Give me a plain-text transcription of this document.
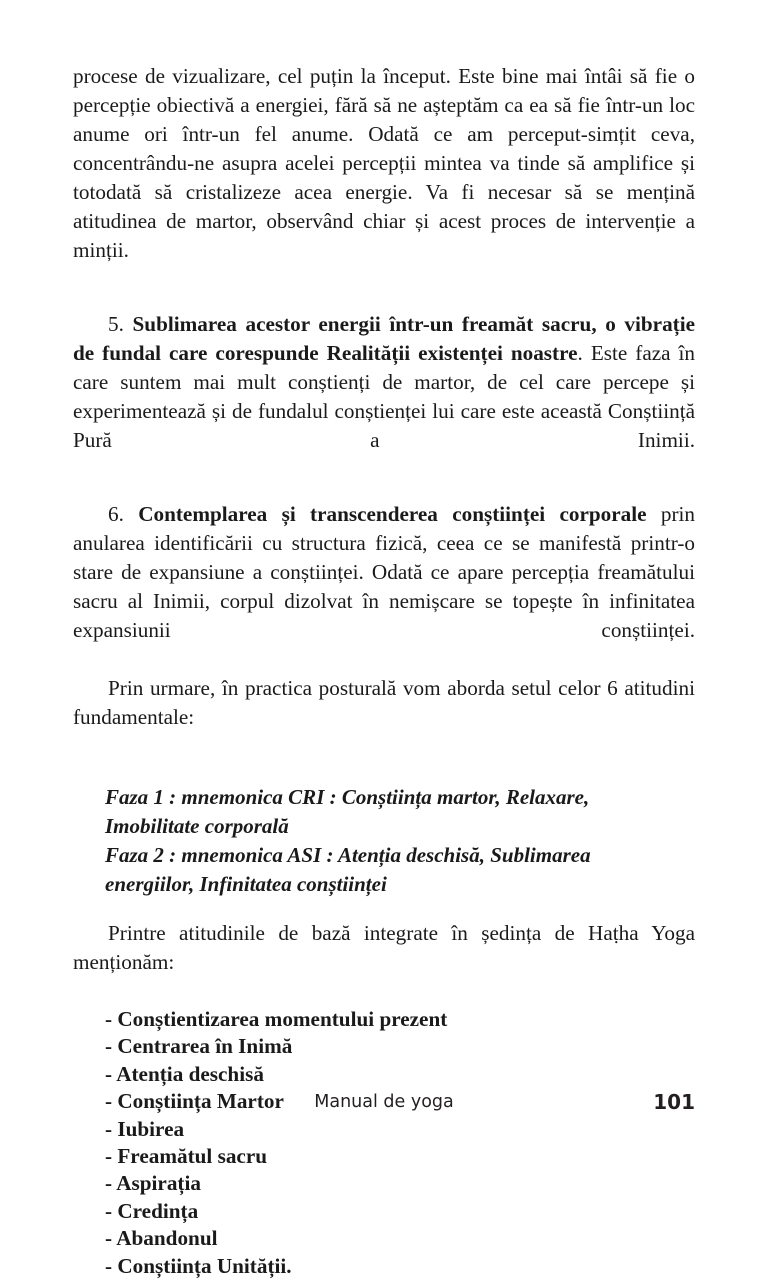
procese de vizualizare, cel puțin la început. Este bine mai întâi să fie o percepție obiectivă a energiei, fără să ne așteptăm ca ea să fie într-un loc anume ori într-un fel anume. Odată ce am perceput-simțit ceva, concentrându-ne asupra acelei percepții mintea va tinde să amplifice și totodată să cristalizeze acea energie. Va fi necesar să se mențină atitudinea de martor, observând chiar și acest proces de intervenție a minții.

5. Sublimarea acestor energii într-un freamăt sacru, o vibrație de fundal care corespunde Realității existenței noastre. Este faza în care suntem mai mult conștienți de martor, de cel care percepe și experimentează și de fundalul conștienței lui care este această Conștiință Pură a Inimii.

6. Contemplarea și transcenderea conștiinței corporale prin anularea identificării cu structura fizică, ceea ce se manifestă printr-o stare de expansiune a conștiinței. Odată ce apare percepția freamătului sacru al Inimii, corpul dizolvat în nemișcare se topește în infinitatea expansiunii conștiinței.

Prin urmare, în practica posturală vom aborda setul celor 6 atitudini fundamentale:

Faza 1 : mnemonica CRI : Conștiința martor, Relaxare,
Imobilitate corporală
Faza 2 : mnemonica ASI : Atenția deschisă, Sublimarea
energiilor, Infinitatea conștiinței

Printre atitudinile de bază integrate în ședința de Haṭha Yoga menționăm:

- Conștientizarea momentului prezent
- Centrarea în Inimă
- Atenția deschisă
- Conștiința Martor
- Iubirea
- Freamătul sacru
- Aspirația
- Credința
- Abandonul
- Conștiința Unității.
Manual de yoga	101
